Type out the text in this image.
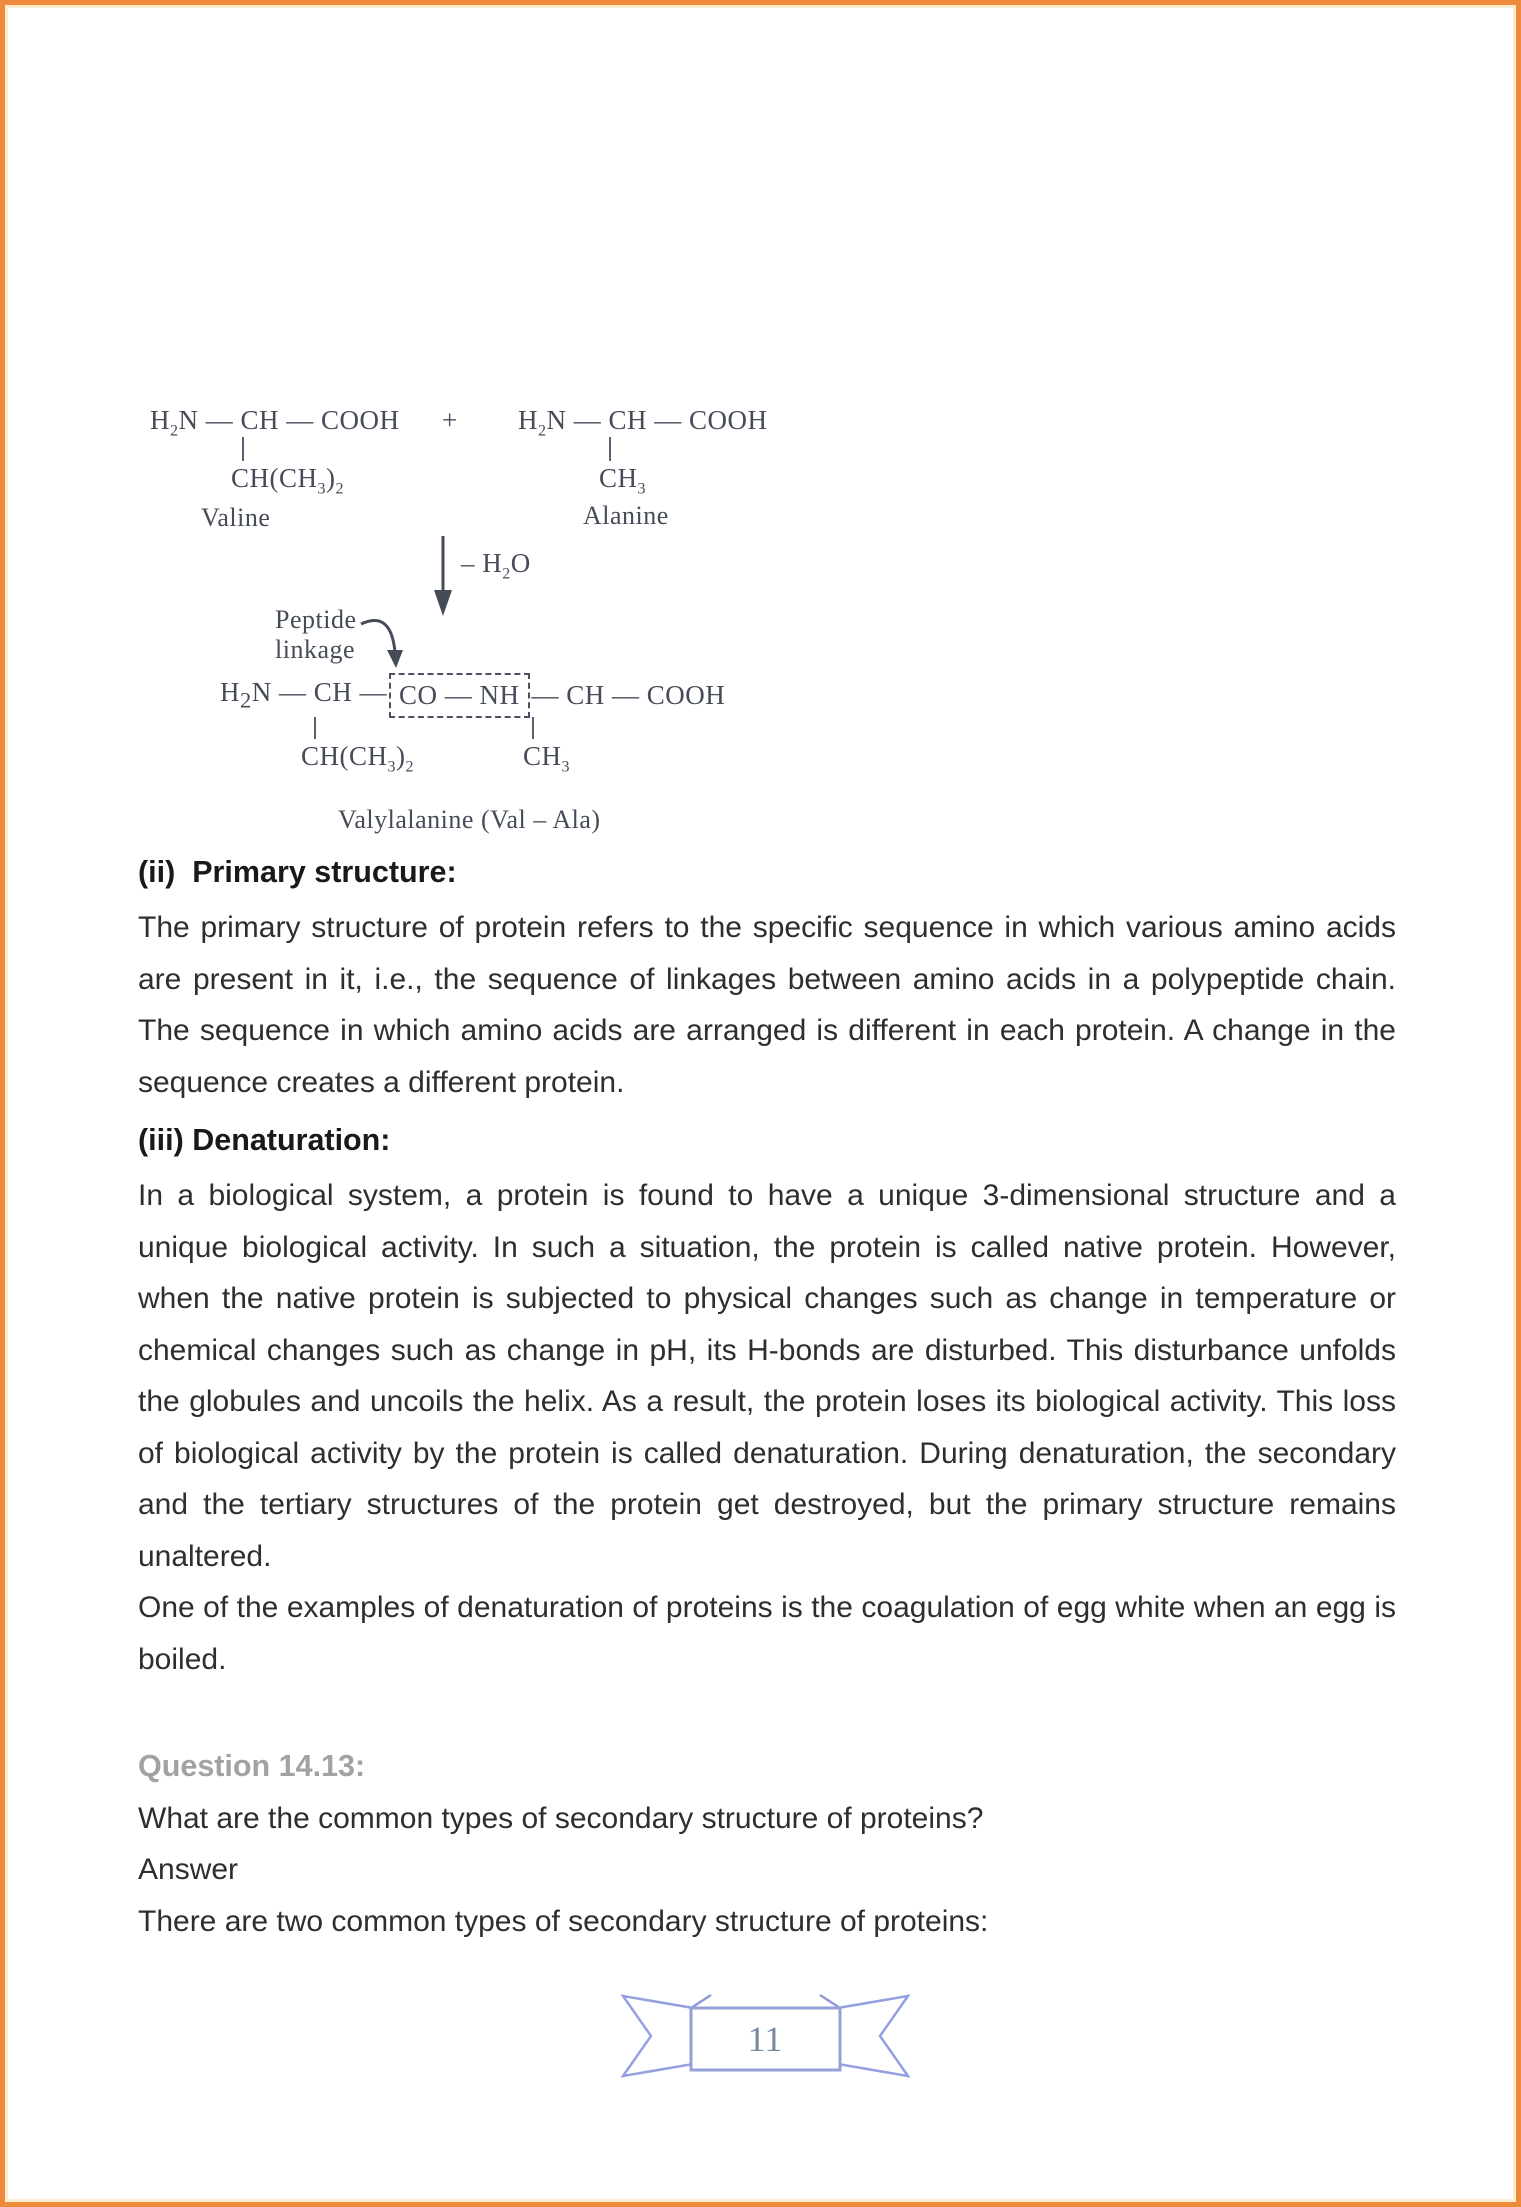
$H_2N$ — CH — COOH
$CH(CH_3)_2$
Valine
+ $H_2N$ — CH — COOH
$CH_3$
Alanine
– $H_2O$
Peptide
linkage
$H_2N$ — CH — CO — NH — CH — COOH
$CH(CH_3)_2$	$CH_3$
Valylalanine (Val – Ala)
(ii)  Primary structure:

The primary structure of protein refers to the specific sequence in which various amino acids are present in it, i.e., the sequence of linkages between amino acids in a polypeptide chain. The sequence in which amino acids are arranged is different in each protein. A change in the sequence creates a different protein.

(iii) Denaturation:

In a biological system, a protein is found to have a unique 3-dimensional structure and a unique biological activity. In such a situation, the protein is called native protein. However, when the native protein is subjected to physical changes such as change in temperature or chemical changes such as change in pH, its H-bonds are disturbed. This disturbance unfolds the globules and uncoils the helix. As a result, the protein loses its biological activity. This loss of biological activity by the protein is called denaturation. During denaturation, the secondary and the tertiary structures of the protein get destroyed, but the primary structure remains unaltered.

One of the examples of denaturation of proteins is the coagulation of egg white when an egg is boiled.

Question 14.13:
What are the common types of secondary structure of proteins?
Answer
There are two common types of secondary structure of proteins:
11
